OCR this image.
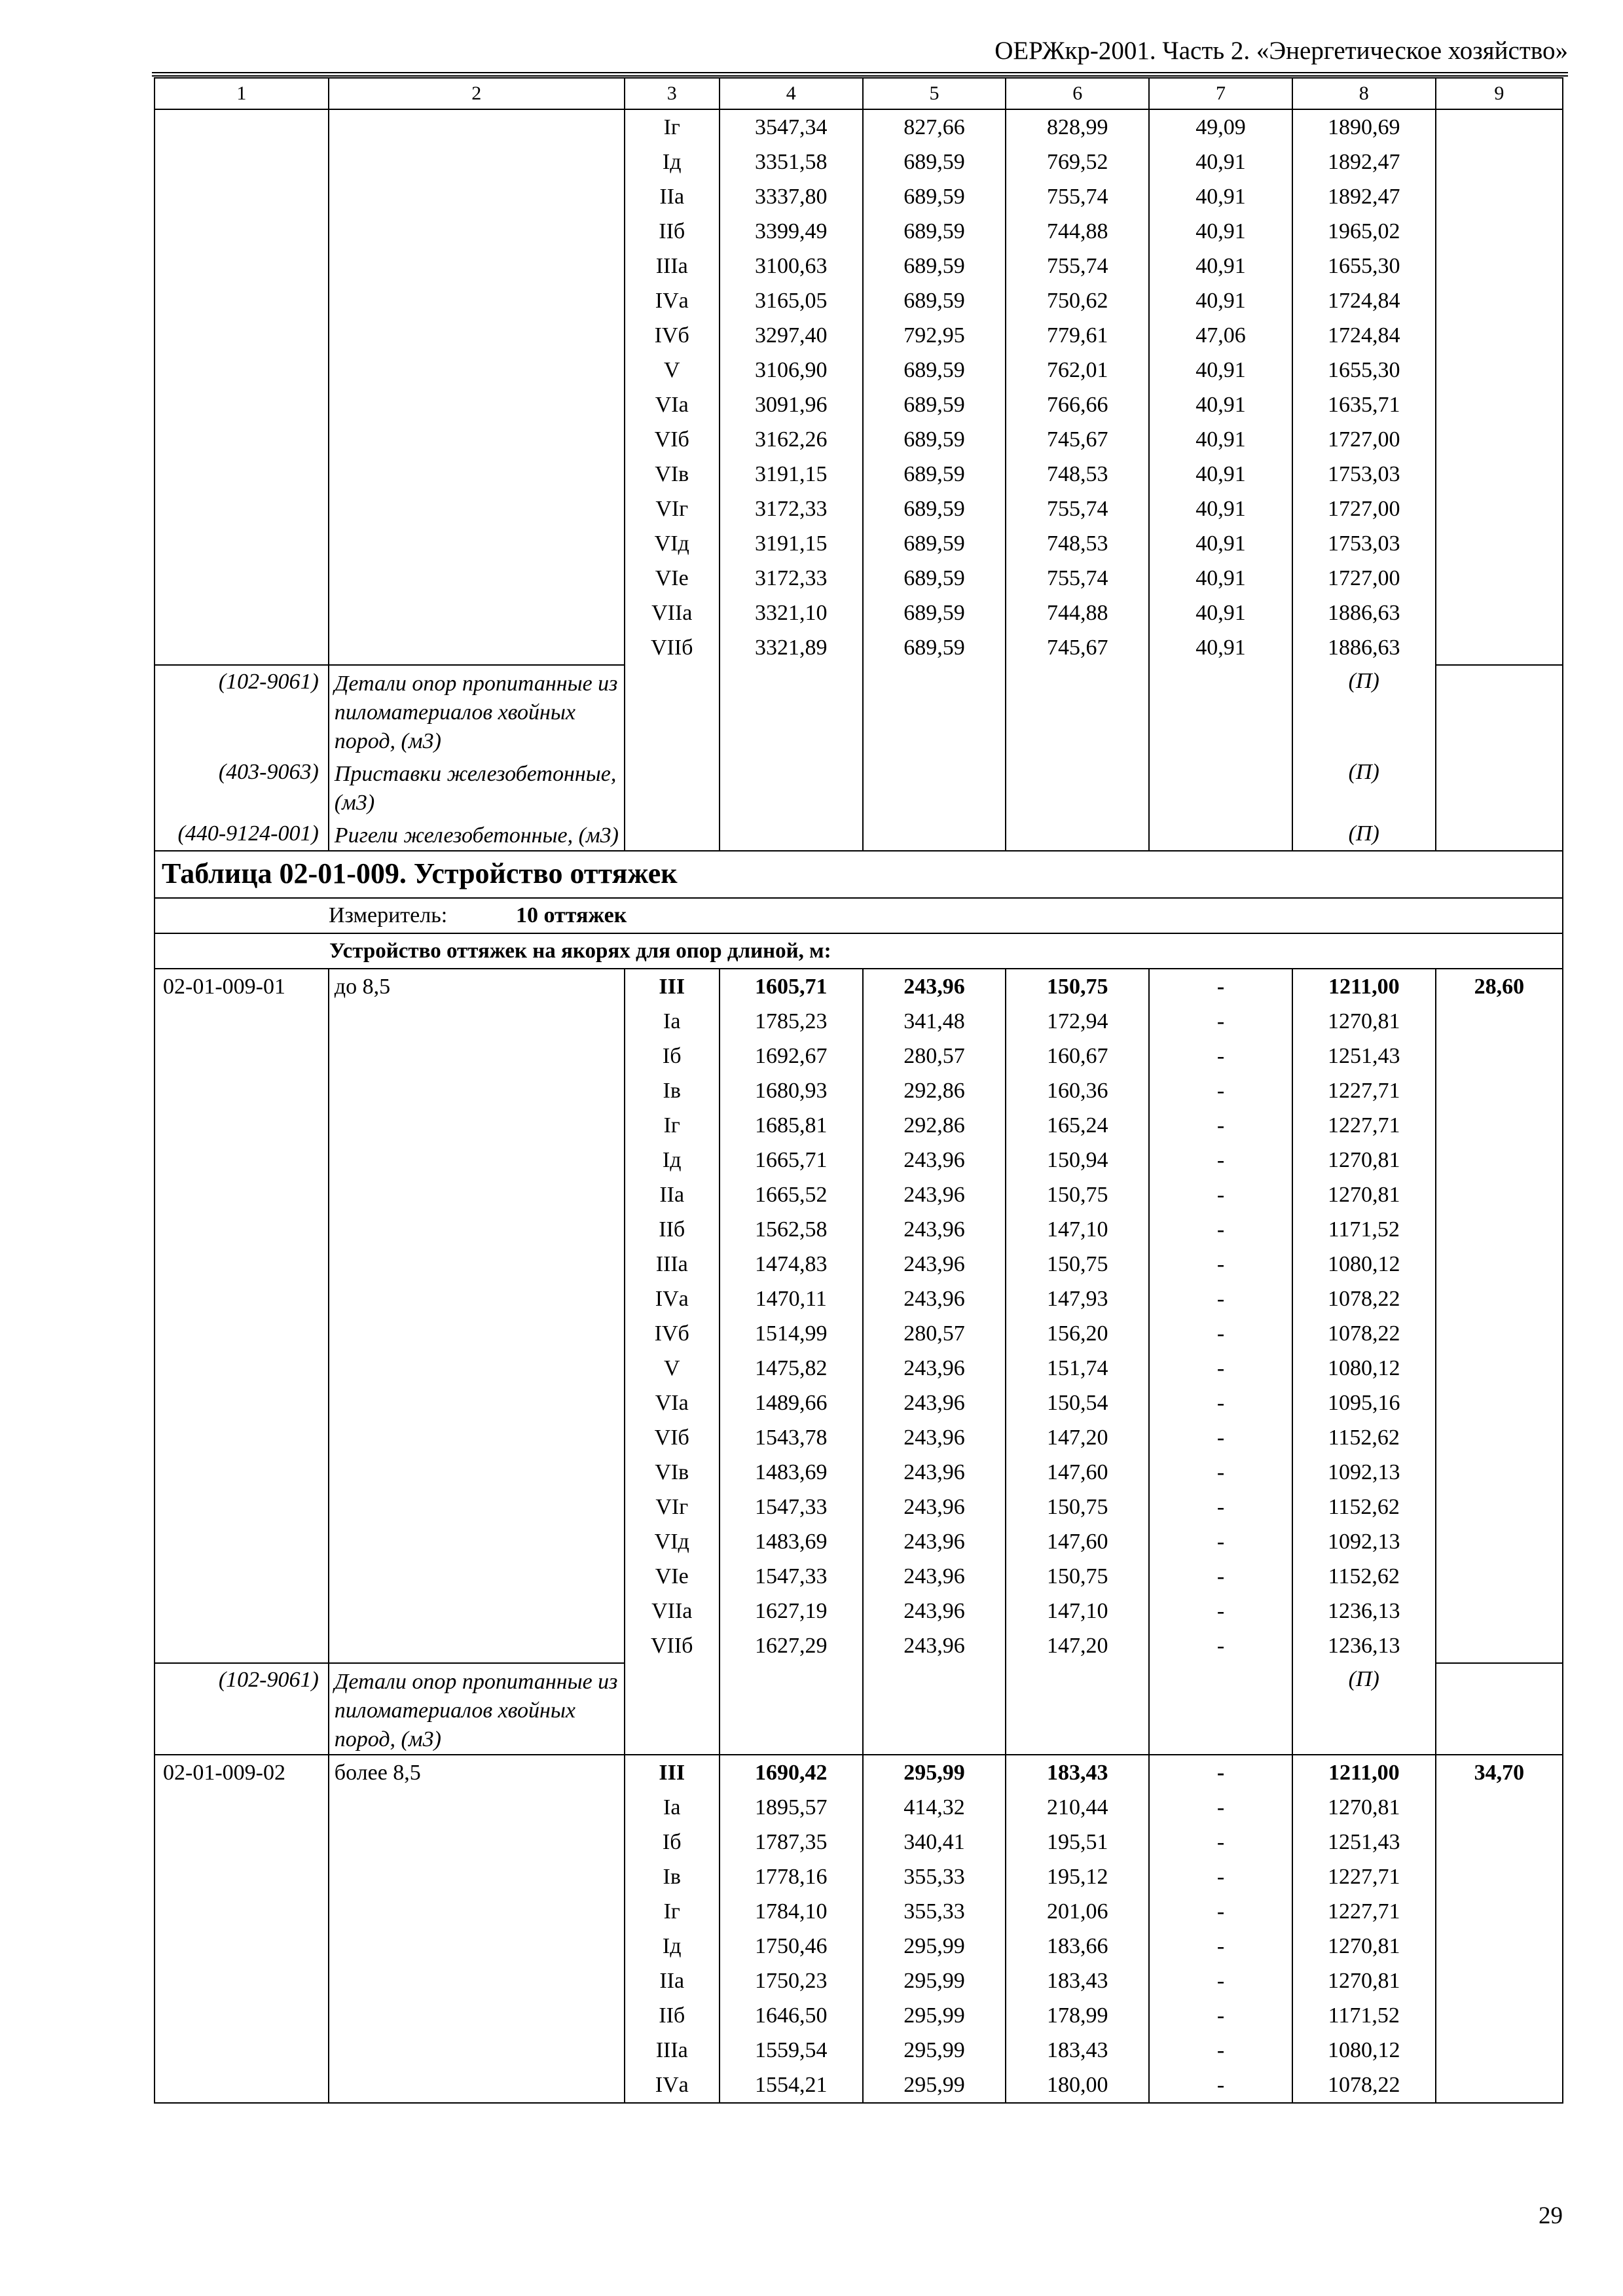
ОЕРЖкр-2001. Часть 2. «Энергетическое хозяйство»
1	2	3	4	5	6	7	8	9

		Iг	3547,34	827,66	828,99	49,09	1890,69	

		Iд	3351,58	689,59	769,52	40,91	1892,47	

		IIа	3337,80	689,59	755,74	40,91	1892,47	

		IIб	3399,49	689,59	744,88	40,91	1965,02	

		IIIа	3100,63	689,59	755,74	40,91	1655,30	

		IVа	3165,05	689,59	750,62	40,91	1724,84	

		IVб	3297,40	792,95	779,61	47,06	1724,84	

		V	3106,90	689,59	762,01	40,91	1655,30	

		VIа	3091,96	689,59	766,66	40,91	1635,71	

		VIб	3162,26	689,59	745,67	40,91	1727,00	

		VIв	3191,15	689,59	748,53	40,91	1753,03	

		VIг	3172,33	689,59	755,74	40,91	1727,00	

		VIд	3191,15	689,59	748,53	40,91	1753,03	

		VIе	3172,33	689,59	755,74	40,91	1727,00	

		VIIа	3321,10	689,59	744,88	40,91	1886,63	

		VIIб	3321,89	689,59	745,67	40,91	1886,63	

(102-9061)	Детали опор пропитанные из пиломатериалов хвойных пород, (м3)						(П)	
(403-9063)	Приставки железобетонные, (м3)						(П)	
(440-9124-001)	Ригели железобетонные, (м3)						(П)	
Таблица 02-01-009. Устройство оттяжек								
Измеритель: 10 оттяжек								
Устройство оттяжек на якорях для опор длиной, м:								
02-01-009-01	до 8,5	III	1605,71	243,96	150,75	-	1211,00	28,60

		Iа	1785,23	341,48	172,94	-	1270,81	

		Iб	1692,67	280,57	160,67	-	1251,43	

		Iв	1680,93	292,86	160,36	-	1227,71	

		Iг	1685,81	292,86	165,24	-	1227,71	

		Iд	1665,71	243,96	150,94	-	1270,81	

		IIа	1665,52	243,96	150,75	-	1270,81	

		IIб	1562,58	243,96	147,10	-	1171,52	

		IIIа	1474,83	243,96	150,75	-	1080,12	

		IVа	1470,11	243,96	147,93	-	1078,22	

		IVб	1514,99	280,57	156,20	-	1078,22	

		V	1475,82	243,96	151,74	-	1080,12	

		VIа	1489,66	243,96	150,54	-	1095,16	

		VIб	1543,78	243,96	147,20	-	1152,62	

		VIв	1483,69	243,96	147,60	-	1092,13	

		VIг	1547,33	243,96	150,75	-	1152,62	

		VIд	1483,69	243,96	147,60	-	1092,13	

		VIе	1547,33	243,96	150,75	-	1152,62	

		VIIа	1627,19	243,96	147,10	-	1236,13	

		VIIб	1627,29	243,96	147,20	-	1236,13	

(102-9061)	Детали опор пропитанные из пиломатериалов хвойных пород, (м3)						(П)	
02-01-009-02	более 8,5	III	1690,42	295,99	183,43	-	1211,00	34,70

		Iа	1895,57	414,32	210,44	-	1270,81	

		Iб	1787,35	340,41	195,51	-	1251,43	

		Iв	1778,16	355,33	195,12	-	1227,71	

		Iг	1784,10	355,33	201,06	-	1227,71	

		Iд	1750,46	295,99	183,66	-	1270,81	

		IIа	1750,23	295,99	183,43	-	1270,81	

		IIб	1646,50	295,99	178,99	-	1171,52	

		IIIа	1559,54	295,99	183,43	-	1080,12	

		IVа	1554,21	295,99	180,00	-	1078,22	
29
